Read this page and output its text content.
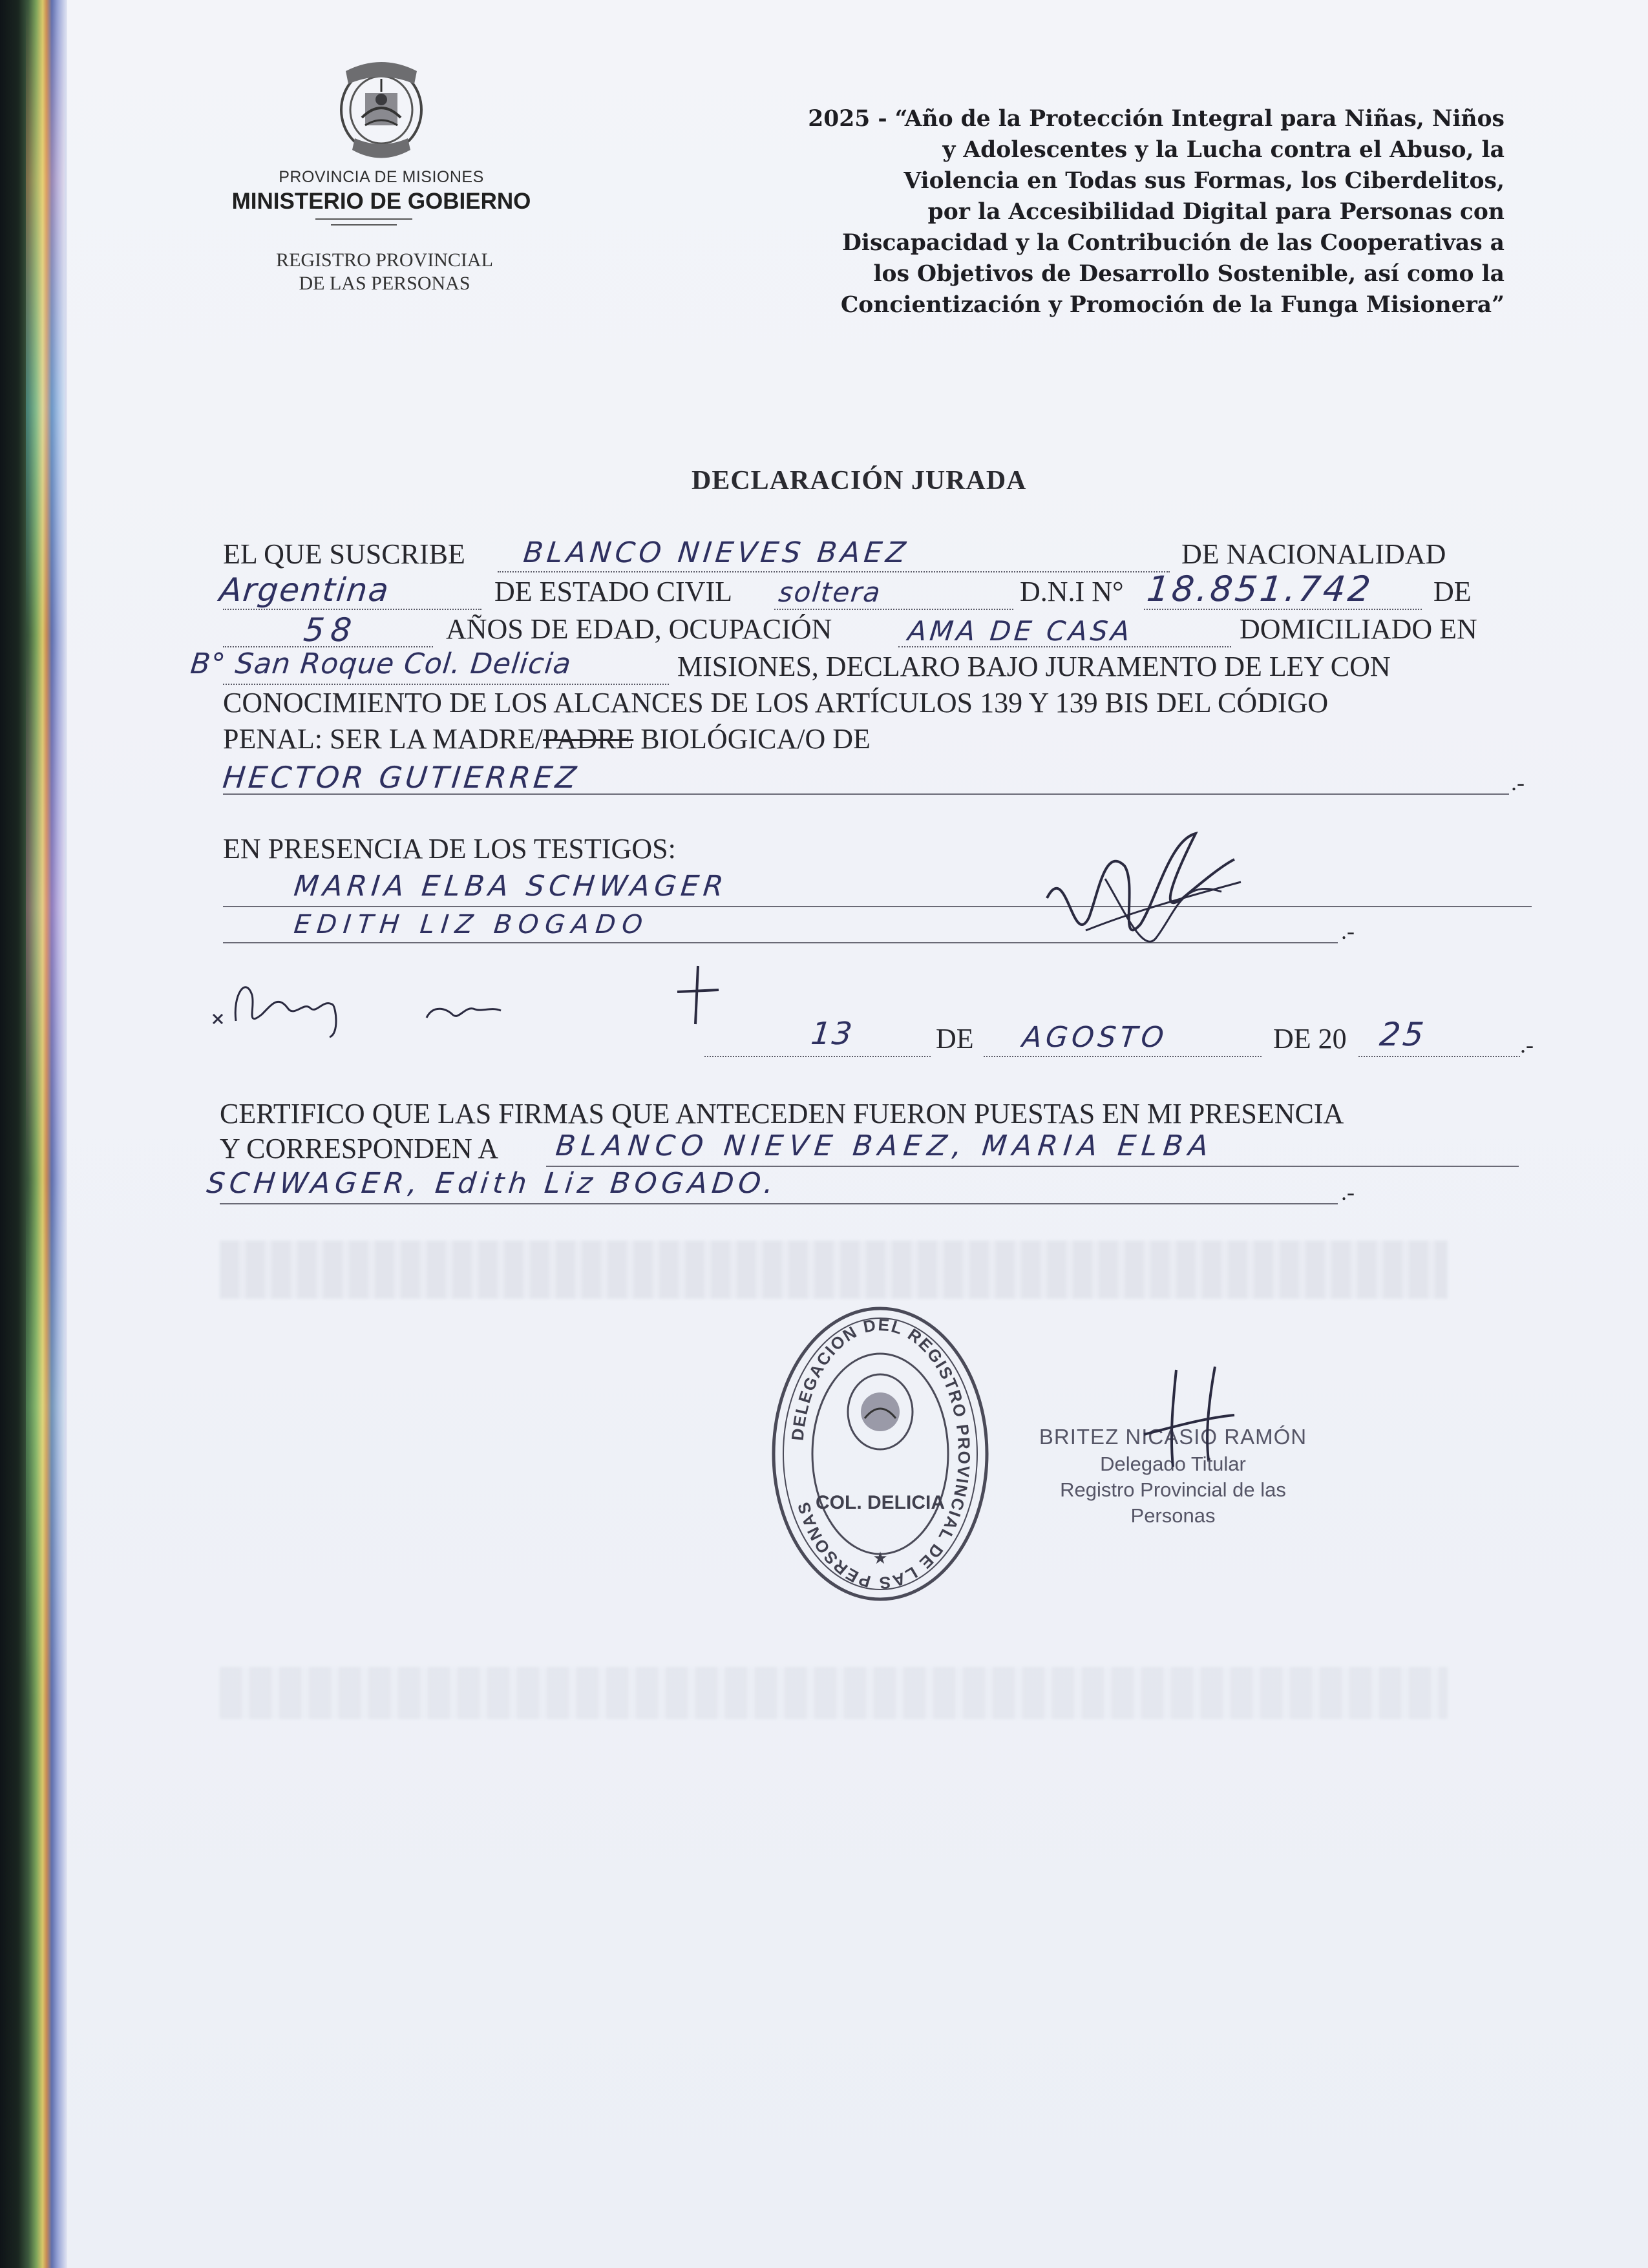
PROVINCIA DE MISIONES
MINISTERIO DE GOBIERNO
REGISTRO PROVINCIAL
DE LAS PERSONAS
2025 - “Año de la Protección Integral para Niñas, Niños
y Adolescentes y la Lucha contra el Abuso, la
Violencia en Todas sus Formas, los Ciberdelitos,
por la Accesibilidad Digital para Personas con
Discapacidad y la Contribución de las Cooperativas a
los Objetivos de Desarrollo Sostenible, así como la
Concientización y Promoción de la Funga Misionera”
DECLARACIÓN JURADA
EL QUE SUSCRIBE BLANCO NIEVES BAEZ	DE NACIONALIDAD
Argentina	DE ESTADO CIVIL soltera	D.N.I N° 18.851.742 DE
58	AÑOS DE EDAD, OCUPACIÓN	AMA DE CASA	DOMICILIADO EN
B° San Roque Col. Delicia	MISIONES, DECLARO BAJO JURAMENTO DE LEY CON
CONOCIMIENTO DE LOS ALCANCES DE LOS ARTÍCULOS 139 Y 139 BIS DEL CÓDIGO
PENAL: SER LA MADRE/PADRE BIOLÓGICA/O DE
HECTOR GUTIERREZ	.-
EN PRESENCIA DE LOS TESTIGOS:
MARIA ELBA SCHWAGER
EDITH LIZ BOGADO	.-
13	DE AGOSTO	DE 20 25	.-
CERTIFICO QUE LAS FIRMAS QUE ANTECEDEN FUERON PUESTAS EN MI PRESENCIA
Y CORRESPONDEN A BLANCO NIEVE BAEZ, MARIA ELBA
SCHWAGER, Edith Liz BOGADO.	.-
DELEGACION DEL REGISTRO PROVINCIAL DE LAS PERSONAS COL. DELICIA
★
BRITEZ NICASIO RAMÓN
Delegado Titular
Registro Provincial de las
Personas
